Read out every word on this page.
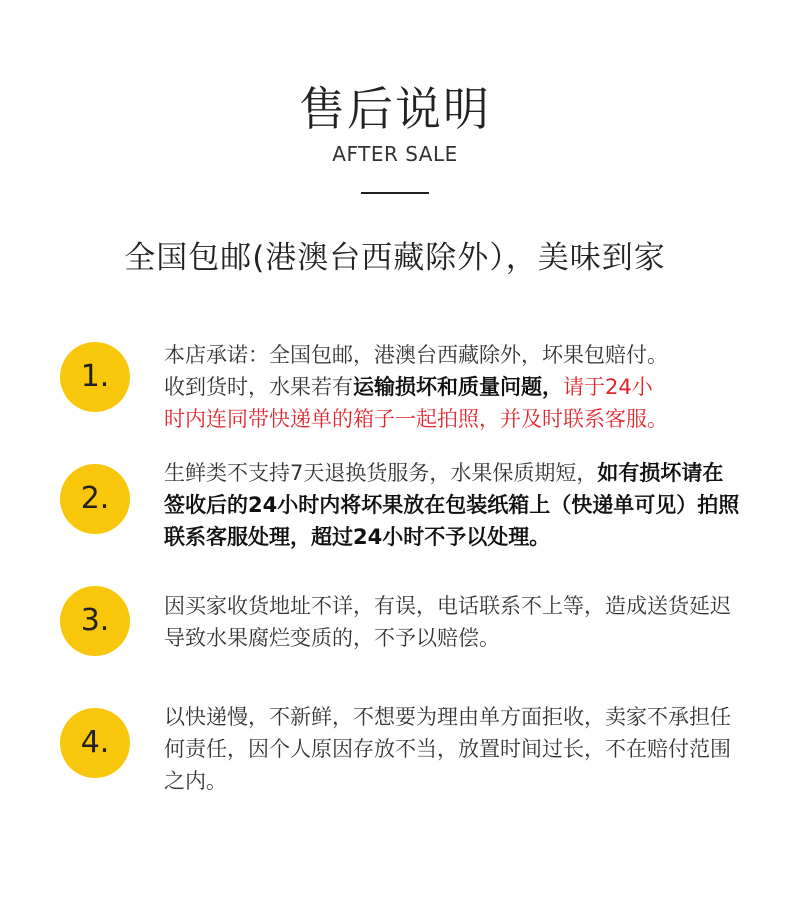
售后说明
AFTER SALE
全国包邮(港澳台西藏除外），美味到家
1.
本店承诺：全国包邮，港澳台西藏除外，坏果包赔付。
收到货时，水果若有运输损坏和质量问题，请于24小
时内连同带快递单的箱子一起拍照，并及时联系客服。
2.
生鲜类不支持7天退换货服务，水果保质期短，如有损坏请在签收后的24小时内将坏果放在包装纸箱上（快递单可见）拍照联系客服处理，超过24小时不予以处理。
3.	因买家收货地址不详，有误，电话联系不上等，造成送货延迟导致水果腐烂变质的，不予以赔偿。
4.
以快递慢，不新鲜，不想要为理由单方面拒收，卖家不承担任何责任，因个人原因存放不当，放置时间过长，不在赔付范围之内。
